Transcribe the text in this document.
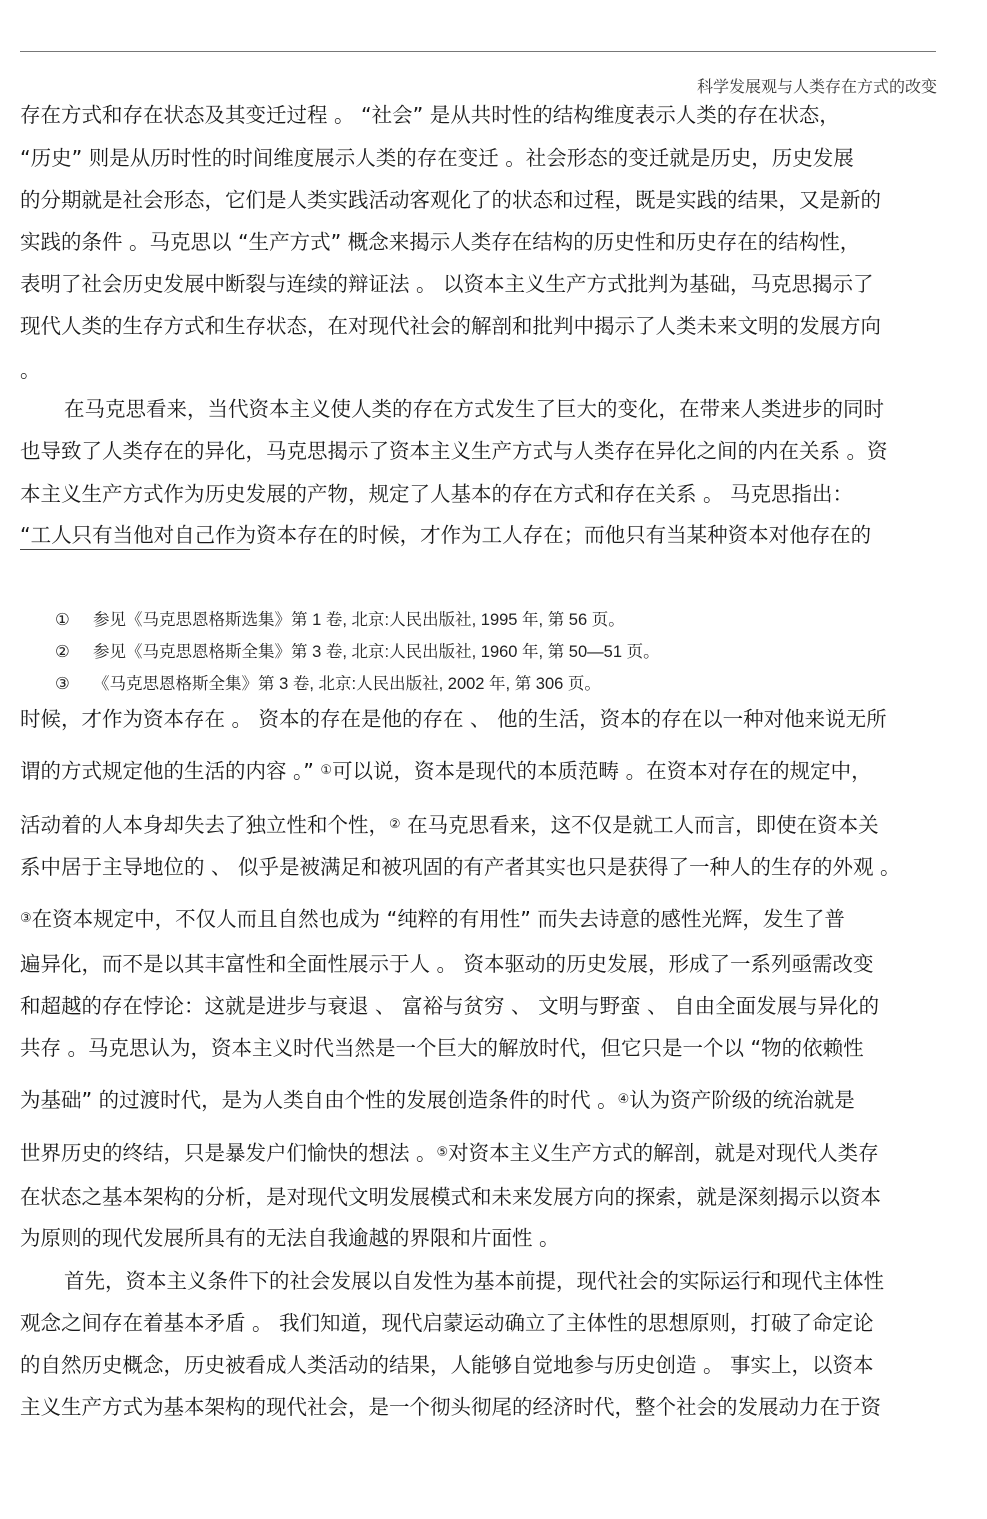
科学发展观与人类存在方式的改变
存在方式和存在状态及其变迁过程 。 “社会” 是从共时性的结构维度表示人类的存在状态，
“历史” 则是从历时性的时间维度展示人类的存在变迁 。社会形态的变迁就是历史，历史发展
的分期就是社会形态，它们是人类实践活动客观化了的状态和过程，既是实践的结果，又是新的
实践的条件 。马克思以 “生产方式” 概念来揭示人类存在结构的历史性和历史存在的结构性，
表明了社会历史发展中断裂与连续的辩证法 。 以资本主义生产方式批判为基础，马克思揭示了
现代人类的生存方式和生存状态，在对现代社会的解剖和批判中揭示了人类未来文明的发展方向
。
在马克思看来，当代资本主义使人类的存在方式发生了巨大的变化，在带来人类进步的同时
也导致了人类存在的异化，马克思揭示了资本主义生产方式与人类存在异化之间的内在关系 。资
本主义生产方式作为历史发展的产物，规定了人基本的存在方式和存在关系 。 马克思指出：
“工人只有当他对自己作为资本存在的时候，才作为工人存在；而他只有当某种资本对他存在的
① 参见《马克思恩格斯选集》第 1 卷, 北京:人民出版社, 1995 年, 第 56 页。
② 参见《马克思恩格斯全集》第 3 卷, 北京:人民出版社, 1960 年, 第 50—51 页。
③ 《马克思恩格斯全集》第 3 卷, 北京:人民出版社, 2002 年, 第 306 页。
时候，才作为资本存在 。 资本的存在是他的存在 、 他的生活，资本的存在以一种对他来说无所
谓的方式规定他的生活的内容 。” ①可以说，资本是现代的本质范畴 。在资本对存在的规定中，
活动着的人本身却失去了独立性和个性，② 在马克思看来，这不仅是就工人而言，即使在资本关
系中居于主导地位的 、 似乎是被满足和被巩固的有产者其实也只是获得了一种人的生存的外观 。
③在资本规定中，不仅人而且自然也成为 “纯粹的有用性” 而失去诗意的感性光辉，发生了普
遍异化，而不是以其丰富性和全面性展示于人 。 资本驱动的历史发展，形成了一系列亟需改变
和超越的存在悖论：这就是进步与衰退 、 富裕与贫穷 、 文明与野蛮 、 自由全面发展与异化的
共存 。马克思认为，资本主义时代当然是一个巨大的解放时代，但它只是一个以 “物的依赖性
为基础” 的过渡时代，是为人类自由个性的发展创造条件的时代 。④认为资产阶级的统治就是
世界历史的终结，只是暴发户们愉快的想法 。⑤对资本主义生产方式的解剖，就是对现代人类存
在状态之基本架构的分析，是对现代文明发展模式和未来发展方向的探索，就是深刻揭示以资本
为原则的现代发展所具有的无法自我逾越的界限和片面性 。
首先，资本主义条件下的社会发展以自发性为基本前提，现代社会的实际运行和现代主体性
观念之间存在着基本矛盾 。 我们知道，现代启蒙运动确立了主体性的思想原则，打破了命定论
的自然历史概念，历史被看成人类活动的结果，人能够自觉地参与历史创造 。 事实上，以资本
主义生产方式为基本架构的现代社会，是一个彻头彻尾的经济时代，整个社会的发展动力在于资
